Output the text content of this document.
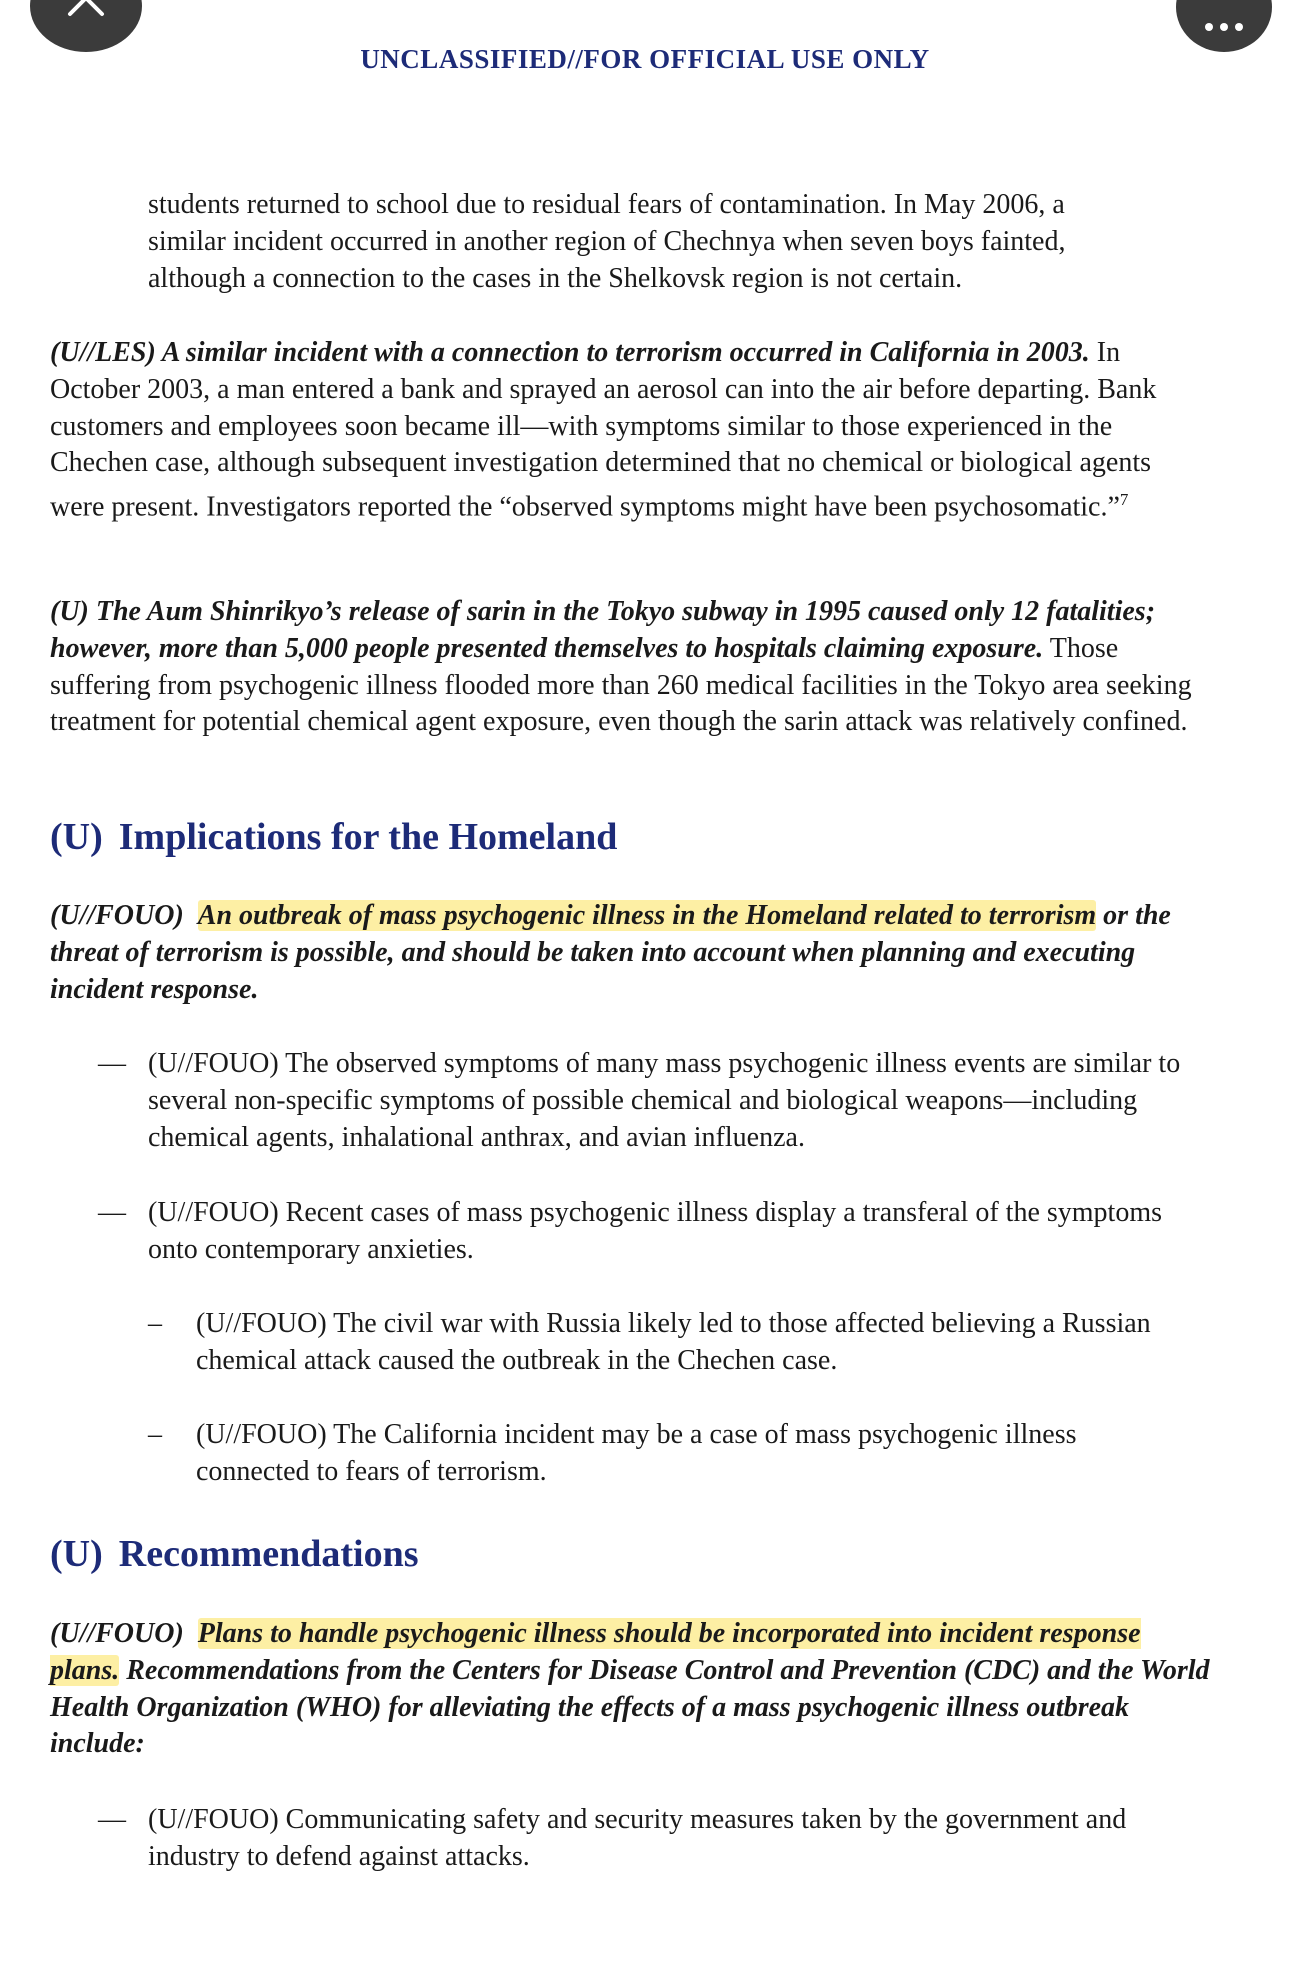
UNCLASSIFIED//FOR OFFICIAL USE ONLY
students returned to school due to residual fears of contamination. In May 2006, a
similar incident occurred in another region of Chechnya when seven boys fainted,
although a connection to the cases in the Shelkovsk region is not certain.
(U//LES) A similar incident with a connection to terrorism occurred in California in 2003. In October 2003, a man entered a bank and sprayed an aerosol can into the air before departing. Bank customers and employees soon became ill—with symptoms similar to those experienced in the Chechen case, although subsequent investigation determined that no chemical or biological agents were present. Investigators reported the “observed symptoms might have been psychosomatic.”$^7$
(U) The Aum Shinrikyo’s release of sarin in the Tokyo subway in 1995 caused only 12 fatalities; however, more than 5,000 people presented themselves to hospitals claiming exposure. Those suffering from psychogenic illness flooded more than 260 medical facilities in the Tokyo area seeking treatment for potential chemical agent exposure, even though the sarin attack was relatively confined.
(U) Implications for the Homeland
(U//FOUO) An outbreak of mass psychogenic illness in the Homeland related to terrorism or the threat of terrorism is possible, and should be taken into account when planning and executing incident response.
— (U//FOUO) The observed symptoms of many mass psychogenic illness events are similar to several non-specific symptoms of possible chemical and biological weapons—including chemical agents, inhalational anthrax, and avian influenza.
— (U//FOUO) Recent cases of mass psychogenic illness display a transferal of the symptoms onto contemporary anxieties.
– (U//FOUO) The civil war with Russia likely led to those affected believing a Russian chemical attack caused the outbreak in the Chechen case.
– (U//FOUO) The California incident may be a case of mass psychogenic illness connected to fears of terrorism.
(U) Recommendations
(U//FOUO) Plans to handle psychogenic illness should be incorporated into incident response plans. Recommendations from the Centers for Disease Control and Prevention (CDC) and the World Health Organization (WHO) for alleviating the effects of a mass psychogenic illness outbreak include:
— (U//FOUO) Communicating safety and security measures taken by the government and industry to defend against attacks.
